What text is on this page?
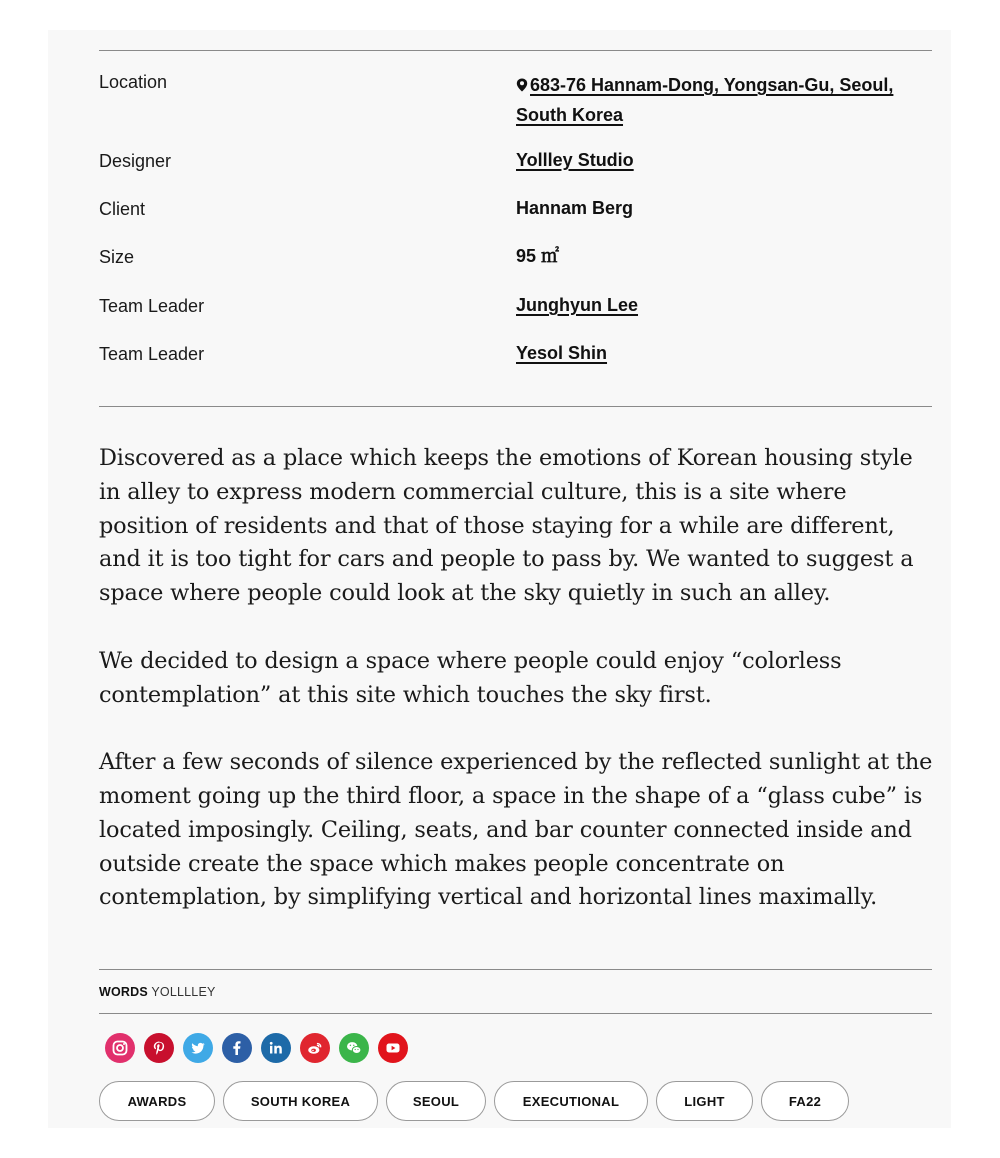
Location	683-76 Hannam-Dong, Yongsan-Gu, Seoul,
South Korea
Designer	Yollley Studio
Client	Hannam Berg
Size	95 ㎡
Team Leader	Junghyun Lee
Team Leader	Yesol Shin

Discovered as a place which keeps the emotions of Korean housing style in alley to express modern commercial culture, this is a site where position of residents and that of those staying for a while are different, and it is too tight for cars and people to pass by. We wanted to suggest a space where people could look at the sky quietly in such an alley.

We decided to design a space where people could enjoy “colorless contemplation” at this site which touches the sky first.

After a few seconds of silence experienced by the reflected sunlight at the moment going up the third floor, a space in the shape of a “glass cube” is located imposingly. Ceiling, seats, and bar counter connected inside and outside create the space which makes people concentrate on contemplation, by simplifying vertical and horizontal lines maximally.

WORDS YOLLLLEY
AWARDS	SOUTH KOREA	SEOUL	EXECUTIONAL	LIGHT	FA22
